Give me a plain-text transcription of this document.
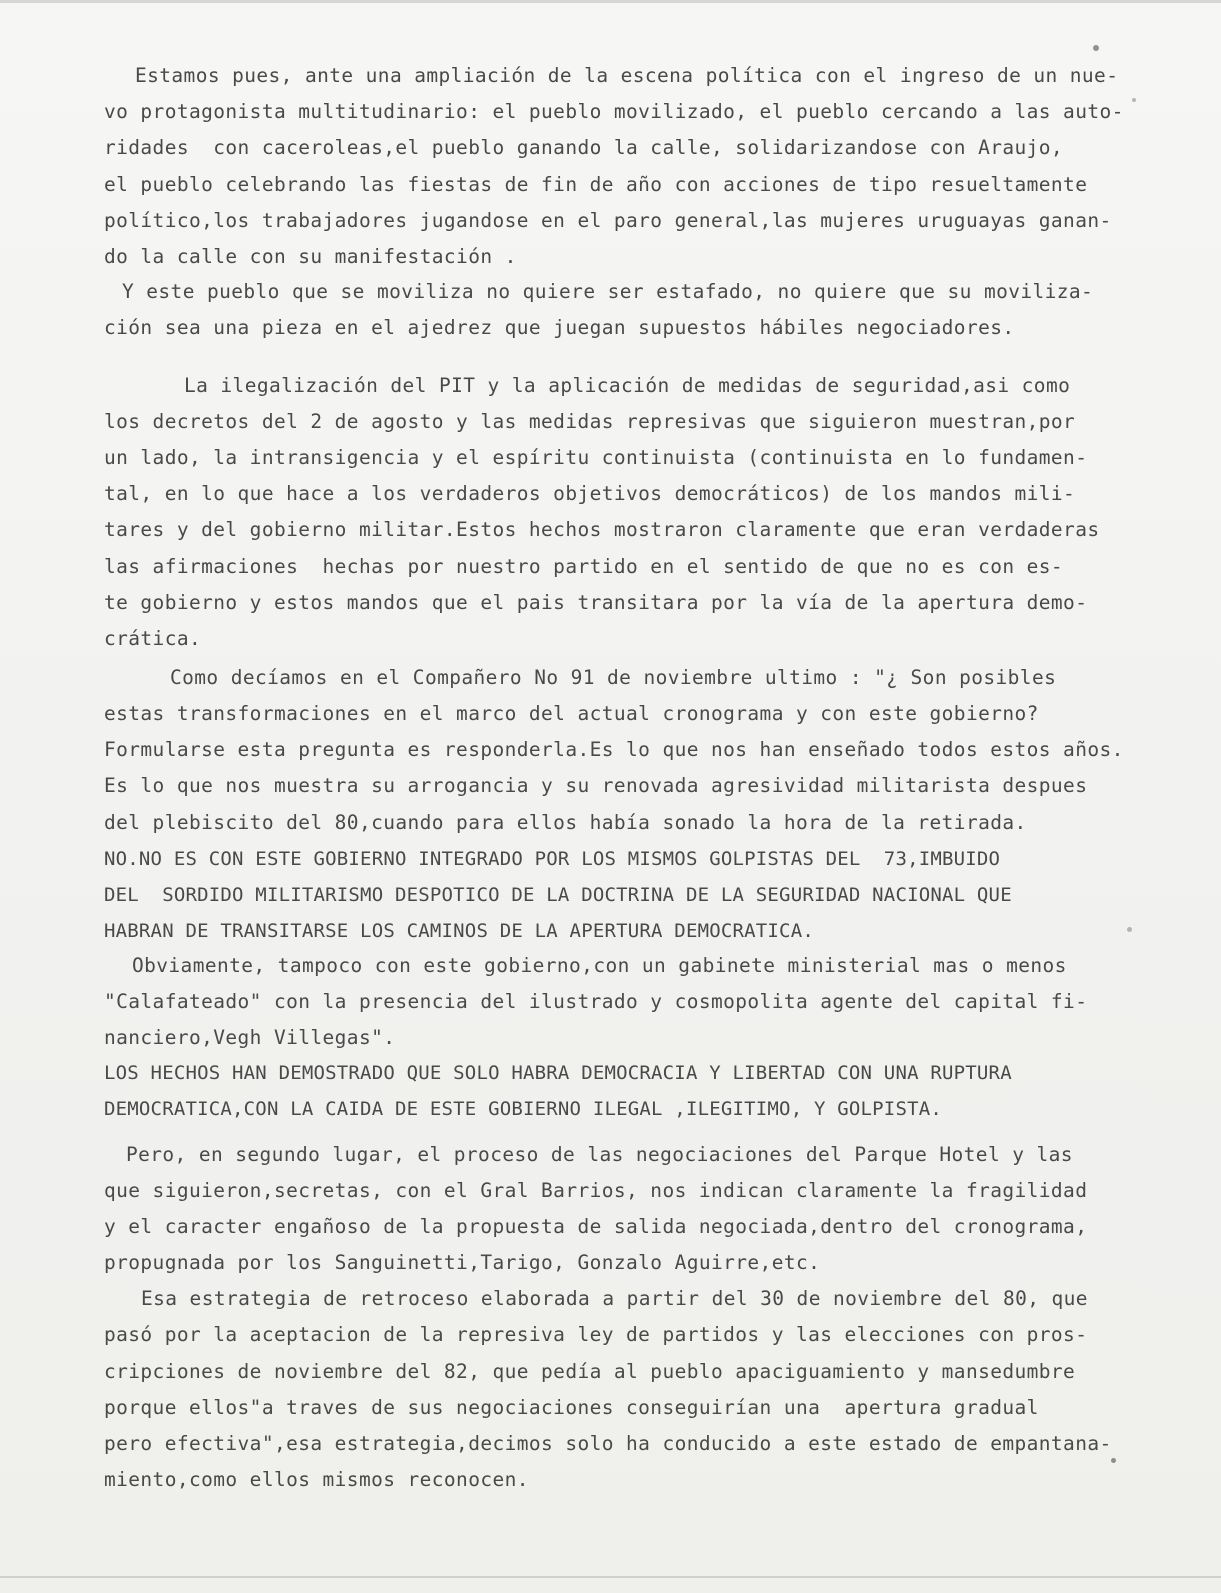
Estamos pues, ante una ampliación de la escena política con el ingreso de un nue-
vo protagonista multitudinario: el pueblo movilizado, el pueblo cercando a las auto-
ridades  con caceroleas,el pueblo ganando la calle, solidarizandose con Araujo,
el pueblo celebrando las fiestas de fin de año con acciones de tipo resueltamente
político,los trabajadores jugandose en el paro general,las mujeres uruguayas ganan-
do la calle con su manifestación .
Y este pueblo que se moviliza no quiere ser estafado, no quiere que su moviliza-
ción sea una pieza en el ajedrez que juegan supuestos hábiles negociadores.
La ilegalización del PIT y la aplicación de medidas de seguridad,asi como
los decretos del 2 de agosto y las medidas represivas que siguieron muestran,por
un lado, la intransigencia y el espíritu continuista (continuista en lo fundamen-
tal, en lo que hace a los verdaderos objetivos democráticos) de los mandos mili-
tares y del gobierno militar.Estos hechos mostraron claramente que eran verdaderas
las afirmaciones  hechas por nuestro partido en el sentido de que no es con es-
te gobierno y estos mandos que el pais transitara por la vía de la apertura demo-
crática.
Como decíamos en el Compañero No 91 de noviembre ultimo : "¿ Son posibles
estas transformaciones en el marco del actual cronograma y con este gobierno?
Formularse esta pregunta es responderla.Es lo que nos han enseñado todos estos años.
Es lo que nos muestra su arrogancia y su renovada agresividad militarista despues
del plebiscito del 80,cuando para ellos había sonado la hora de la retirada.
NO.NO ES CON ESTE GOBIERNO INTEGRADO POR LOS MISMOS GOLPISTAS DEL  73,IMBUIDO
DEL  SORDIDO MILITARISMO DESPOTICO DE LA DOCTRINA DE LA SEGURIDAD NACIONAL QUE
HABRAN DE TRANSITARSE LOS CAMINOS DE LA APERTURA DEMOCRATICA.
Obviamente, tampoco con este gobierno,con un gabinete ministerial mas o menos
"Calafateado" con la presencia del ilustrado y cosmopolita agente del capital fi-
nanciero,Vegh Villegas".
LOS HECHOS HAN DEMOSTRADO QUE SOLO HABRA DEMOCRACIA Y LIBERTAD CON UNA RUPTURA
DEMOCRATICA,CON LA CAIDA DE ESTE GOBIERNO ILEGAL ,ILEGITIMO, Y GOLPISTA.
Pero, en segundo lugar, el proceso de las negociaciones del Parque Hotel y las
que siguieron,secretas, con el Gral Barrios, nos indican claramente la fragilidad
y el caracter engañoso de la propuesta de salida negociada,dentro del cronograma,
propugnada por los Sanguinetti,Tarigo, Gonzalo Aguirre,etc.
Esa estrategia de retroceso elaborada a partir del 30 de noviembre del 80, que
pasó por la aceptacion de la represiva ley de partidos y las elecciones con pros-
cripciones de noviembre del 82, que pedía al pueblo apaciguamiento y mansedumbre
porque ellos"a traves de sus negociaciones conseguirían una  apertura gradual
pero efectiva",esa estrategia,decimos solo ha conducido a este estado de empantana-
miento,como ellos mismos reconocen.
